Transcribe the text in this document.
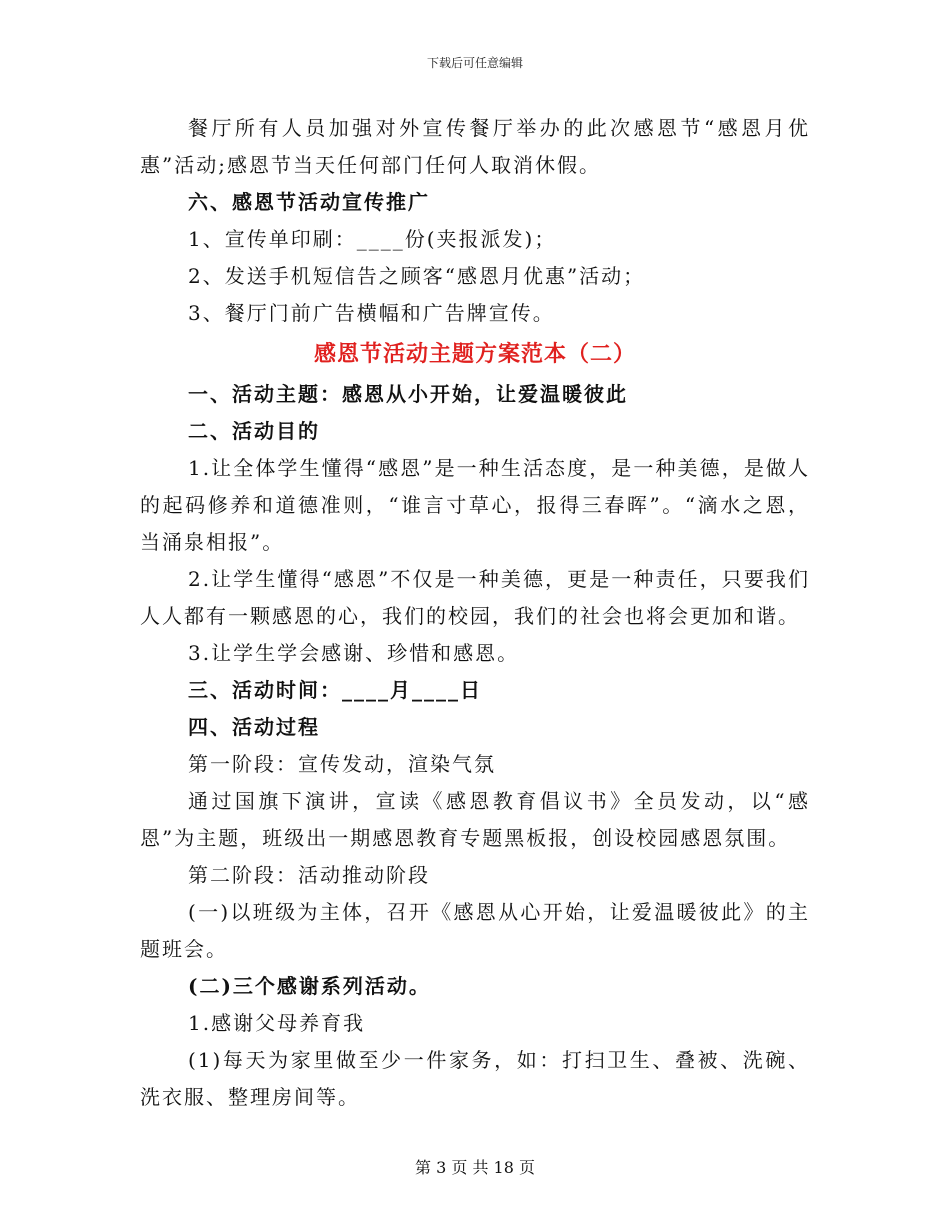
下载后可任意编辑

餐厅所有人员加强对外宣传餐厅举办的此次感恩节“感恩月优惠”活动;感恩节当天任何部门任何人取消休假。

六、感恩节活动宣传推广

1、宣传单印刷：____份(夹报派发)；

2、发送手机短信告之顾客“感恩月优惠”活动；

3、餐厅门前广告横幅和广告牌宣传。

感恩节活动主题方案范本（二）

一、活动主题：感恩从小开始，让爱温暖彼此

二、活动目的

1.让全体学生懂得“感恩”是一种生活态度，是一种美德，是做人的起码修养和道德准则，“谁言寸草心，报得三春晖”。“滴水之恩，当涌泉相报”。

2.让学生懂得“感恩”不仅是一种美德，更是一种责任，只要我们人人都有一颗感恩的心，我们的校园，我们的社会也将会更加和谐。

3.让学生学会感谢、珍惜和感恩。

三、活动时间：____月____日

四、活动过程

第一阶段：宣传发动，渲染气氛

通过国旗下演讲，宣读《感恩教育倡议书》全员发动，以“感恩”为主题，班级出一期感恩教育专题黑板报，创设校园感恩氛围。

第二阶段：活动推动阶段

(一)以班级为主体，召开《感恩从心开始，让爱温暖彼此》的主题班会。

(二)三个感谢系列活动。

1.感谢父母养育我

(1)每天为家里做至少一件家务，如：打扫卫生、叠被、洗碗、洗衣服、整理房间等。

第 3 页 共 18 页
